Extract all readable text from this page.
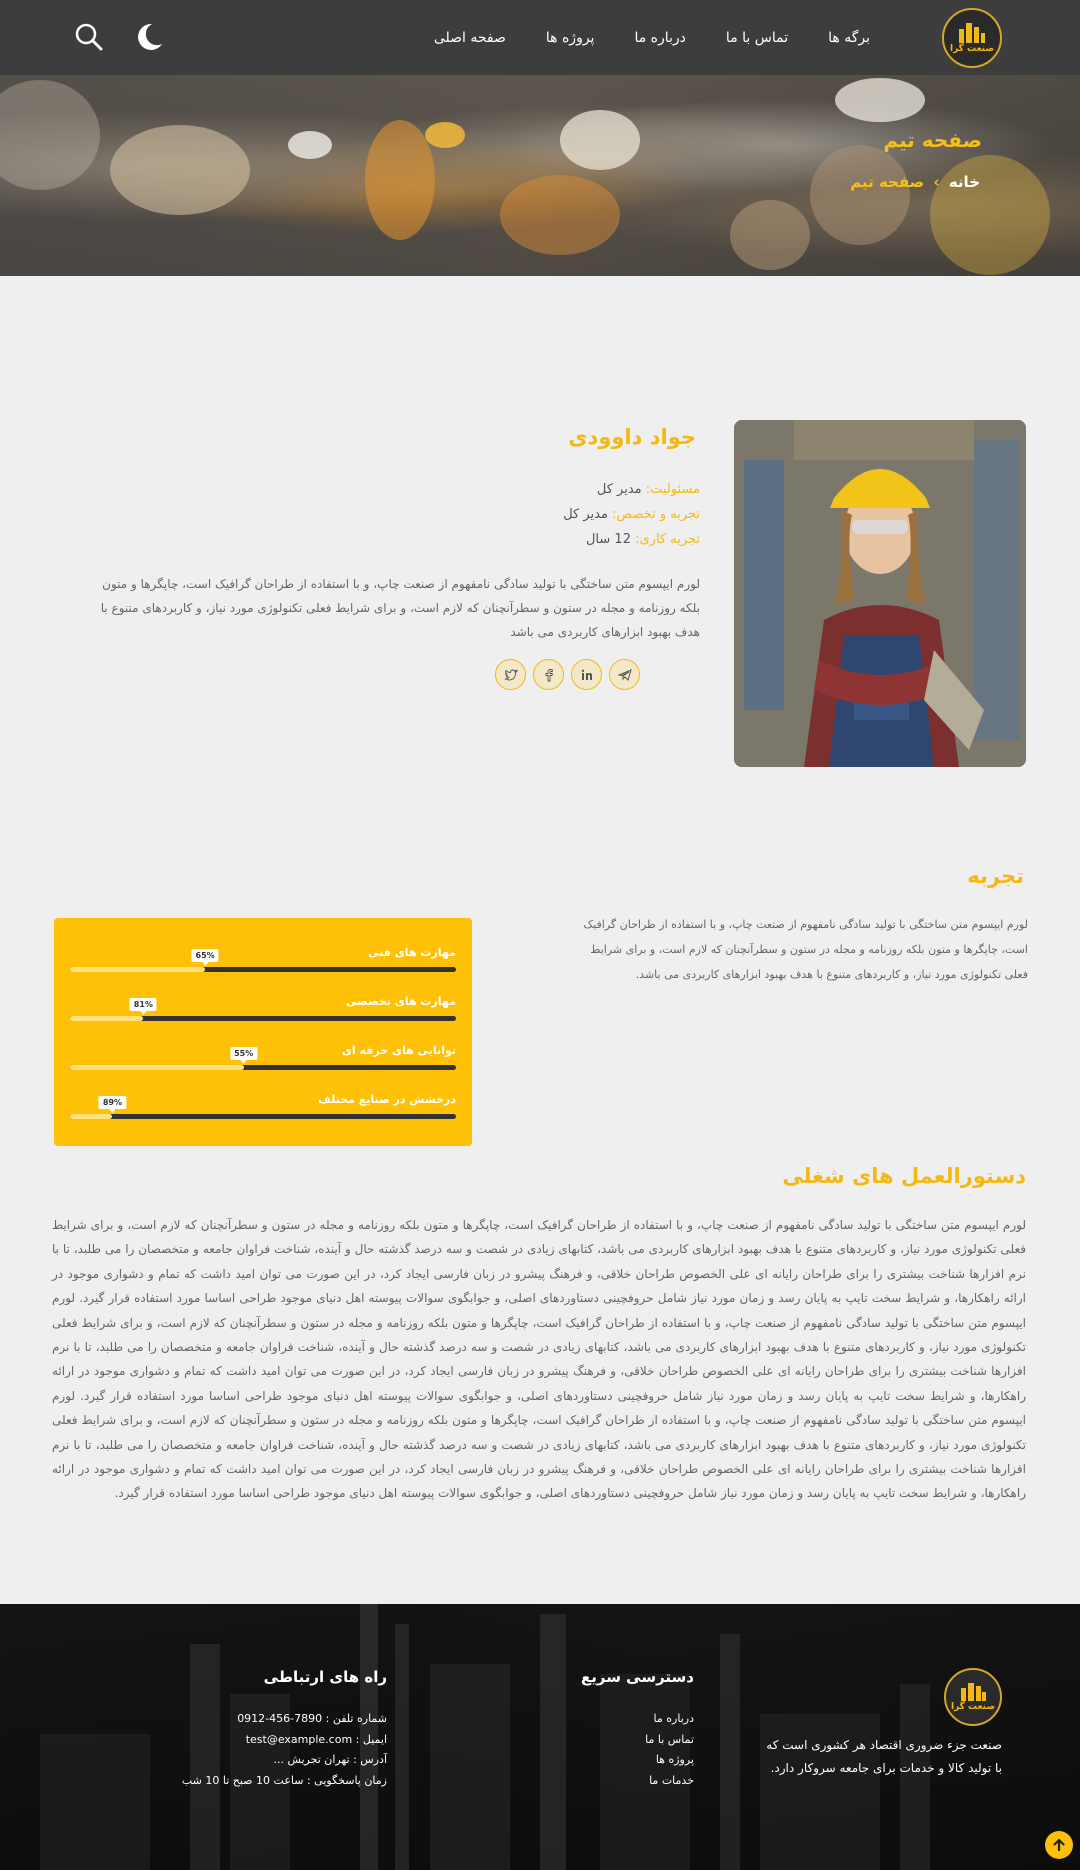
صنعت گرا
صفحه اصلی	پروژه ها	درباره ما	تماس با ما	برگه ها
صفحه تیم
خانه › صفحه تیم
جواد داوودی
مسئولیت: مدیر کل
تجربه و تخصص: مدیر کل
تجربه کاری: 12 سال

لورم ایپسوم متن ساختگی با تولید سادگی نامفهوم از صنعت چاپ، و با استفاده از طراحان گرافیک است، چاپگرها و متون بلکه روزنامه و مجله در ستون و سطرآنچنان که لازم است، و برای شرایط فعلی تکنولوژی مورد نیاز، و کاربردهای متنوع با هدف بهبود ابزارهای کاربردی می باشد

تجربه

لورم ایپسوم متن ساختگی با تولید سادگی نامفهوم از صنعت چاپ، و با استفاده از طراحان گرافیک است، چاپگرها و متون بلکه روزنامه و مجله در ستون و سطرآنچنان که لازم است، و برای شرایط فعلی تکنولوژی مورد نیاز، و کاربردهای متنوع با هدف بهبود ابزارهای کاربردی می باشد.

مهارت های فنی
65%
مهارت های تخصصی
81%
توانایی های حرفه ای
55%
درخشش در صنایع مختلف
89%
دستورالعمل های شغلی

لورم ایپسوم متن ساختگی با تولید سادگی نامفهوم از صنعت چاپ، و با استفاده از طراحان گرافیک است، چاپگرها و متون بلکه روزنامه و مجله در ستون و سطرآنچنان که لازم است، و برای شرایط فعلی تکنولوژی مورد نیاز، و کاربردهای متنوع با هدف بهبود ابزارهای کاربردی می باشد، کتابهای زیادی در شصت و سه درصد گذشته حال و آینده، شناخت فراوان جامعه و متخصصان را می طلبد، تا با نرم افزارها شناخت بیشتری را برای طراحان رایانه ای علی الخصوص طراحان خلاقی، و فرهنگ پیشرو در زبان فارسی ایجاد کرد، در این صورت می توان امید داشت که تمام و دشواری موجود در ارائه راهکارها، و شرایط سخت تایپ به پایان رسد و زمان مورد نیاز شامل حروفچینی دستاوردهای اصلی، و جوابگوی سوالات پیوسته اهل دنیای موجود طراحی اساسا مورد استفاده قرار گیرد. لورم ایپسوم متن ساختگی با تولید سادگی نامفهوم از صنعت چاپ، و با استفاده از طراحان گرافیک است، چاپگرها و متون بلکه روزنامه و مجله در ستون و سطرآنچنان که لازم است، و برای شرایط فعلی تکنولوژی مورد نیاز، و کاربردهای متنوع با هدف بهبود ابزارهای کاربردی می باشد، کتابهای زیادی در شصت و سه درصد گذشته حال و آینده، شناخت فراوان جامعه و متخصصان را می طلبد، تا با نرم افزارها شناخت بیشتری را برای طراحان رایانه ای علی الخصوص طراحان خلاقی، و فرهنگ پیشرو در زبان فارسی ایجاد کرد، در این صورت می توان امید داشت که تمام و دشواری موجود در ارائه راهکارها، و شرایط سخت تایپ به پایان رسد و زمان مورد نیاز شامل حروفچینی دستاوردهای اصلی، و جوابگوی سوالات پیوسته اهل دنیای موجود طراحی اساسا مورد استفاده قرار گیرد. لورم ایپسوم متن ساختگی با تولید سادگی نامفهوم از صنعت چاپ، و با استفاده از طراحان گرافیک است، چاپگرها و متون بلکه روزنامه و مجله در ستون و سطرآنچنان که لازم است، و برای شرایط فعلی تکنولوژی مورد نیاز، و کاربردهای متنوع با هدف بهبود ابزارهای کاربردی می باشد، کتابهای زیادی در شصت و سه درصد گذشته حال و آینده، شناخت فراوان جامعه و متخصصان را می طلبد، تا با نرم افزارها شناخت بیشتری را برای طراحان رایانه ای علی الخصوص طراحان خلاقی، و فرهنگ پیشرو در زبان فارسی ایجاد کرد، در این صورت می توان امید داشت که تمام و دشواری موجود در ارائه راهکارها، و شرایط سخت تایپ به پایان رسد و زمان مورد نیاز شامل حروفچینی دستاوردهای اصلی، و جوابگوی سوالات پیوسته اهل دنیای موجود طراحی اساسا مورد استفاده قرار گیرد.

صنعت گرا

صنعت جزء ضروری اقتصاد هر کشوری است که با تولید کالا و خدمات برای جامعه سروکار دارد.

دسترسی سریع
درباره ما
تماس با ما
پروژه ها
خدمات ما
راه های ارتباطی
شماره تلفن : 7890-456-0912
ایمیل : test@example.com
آدرس : تهران تجریش ...
زمان پاسخگویی : ساعت 10 صبح تا 10 شب
